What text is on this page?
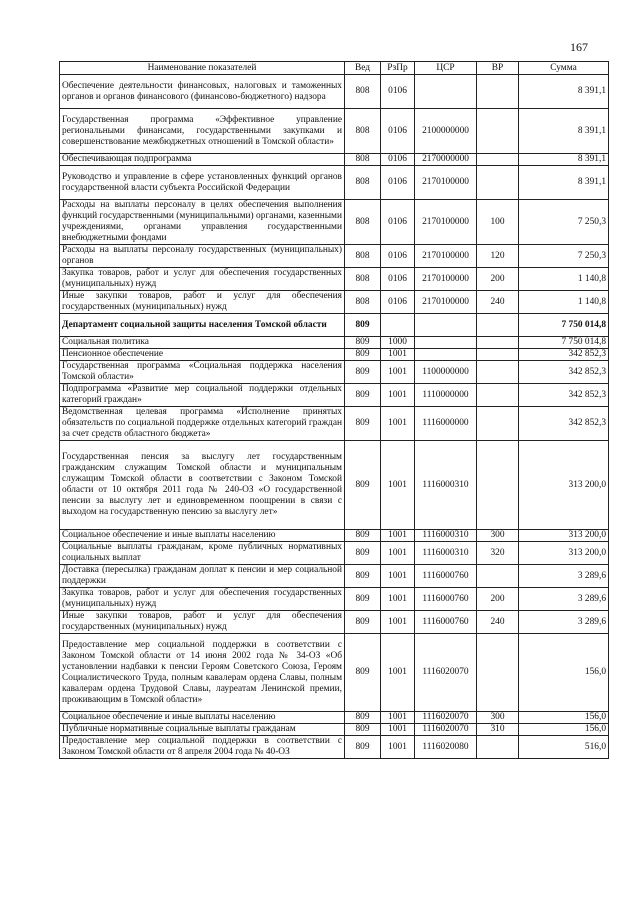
167
Наименование показателей	Вед	РзПр	ЦСР	ВР	Сумма
Обеспечение деятельности финансовых, налоговых и таможенных органов и органов финансового (финансово-бюджетного) надзора	808	0106			8 391,1
Государственная программа «Эффективное управление региональными финансами, государственными закупками и совершенствование межбюджетных отношений в Томской области»	808	0106	2100000000		8 391,1
Обеспечивающая подпрограмма	808	0106	2170000000		8 391,1
Руководство и управление в сфере установленных функций органов государственной власти субъекта Российской Федерации	808	0106	2170100000		8 391,1
Расходы на выплаты персоналу в целях обеспечения выполнения функций государственными (муниципальными) органами, казенными учреждениями, органами управления государственными внебюджетными фондами	808	0106	2170100000	100	7 250,3
Расходы на выплаты персоналу государственных (муниципальных) органов	808	0106	2170100000	120	7 250,3
Закупка товаров, работ и услуг для обеспечения государственных (муниципальных) нужд	808	0106	2170100000	200	1 140,8
Иные закупки товаров, работ и услуг для обеспечения государственных (муниципальных) нужд	808	0106	2170100000	240	1 140,8
Департамент социальной защиты населения Томской области	809				7 750 014,8
Социальная политика	809	1000			7 750 014,8
Пенсионное обеспечение	809	1001			342 852,3
Государственная программа «Социальная поддержка населения Томской области»	809	1001	1100000000		342 852,3
Подпрограмма «Развитие мер социальной поддержки отдельных категорий граждан»	809	1001	1110000000		342 852,3
Ведомственная целевая программа «Исполнение принятых обязательств по социальной поддержке отдельных категорий граждан за счет средств областного бюджета»	809	1001	1116000000		342 852,3
Государственная пенсия за выслугу лет государственным гражданским служащим Томской области и муниципальным служащим Томской области в соответствии с Законом Томской области от 10 октября 2011 года № 240-ОЗ «О государственной пенсии за выслугу лет и единовременном поощрении в связи с выходом на государственную пенсию за выслугу лет»	809	1001	1116000310		313 200,0
Социальное обеспечение и иные выплаты населению	809	1001	1116000310	300	313 200,0
Социальные выплаты гражданам, кроме публичных нормативных социальных выплат	809	1001	1116000310	320	313 200,0
Доставка (пересылка) гражданам доплат к пенсии и мер социальной поддержки	809	1001	1116000760		3 289,6
Закупка товаров, работ и услуг для обеспечения государственных (муниципальных) нужд	809	1001	1116000760	200	3 289,6
Иные закупки товаров, работ и услуг для обеспечения государственных (муниципальных) нужд	809	1001	1116000760	240	3 289,6
Предоставление мер социальной поддержки в соответствии с Законом Томской области от 14 июня 2002 года № 34-ОЗ «Об установлении надбавки к пенсии Героям Советского Союза, Героям Социалистического Труда, полным кавалерам ордена Славы, полным кавалерам ордена Трудовой Славы, лауреатам Ленинской премии, проживающим в Томской области»	809	1001	1116020070		156,0
Социальное обеспечение и иные выплаты населению	809	1001	1116020070	300	156,0
Публичные нормативные социальные выплаты гражданам	809	1001	1116020070	310	156,0
Предоставление мер социальной поддержки в соответствии с Законом Томской области от 8 апреля 2004 года № 40-ОЗ	809	1001	1116020080		516,0
